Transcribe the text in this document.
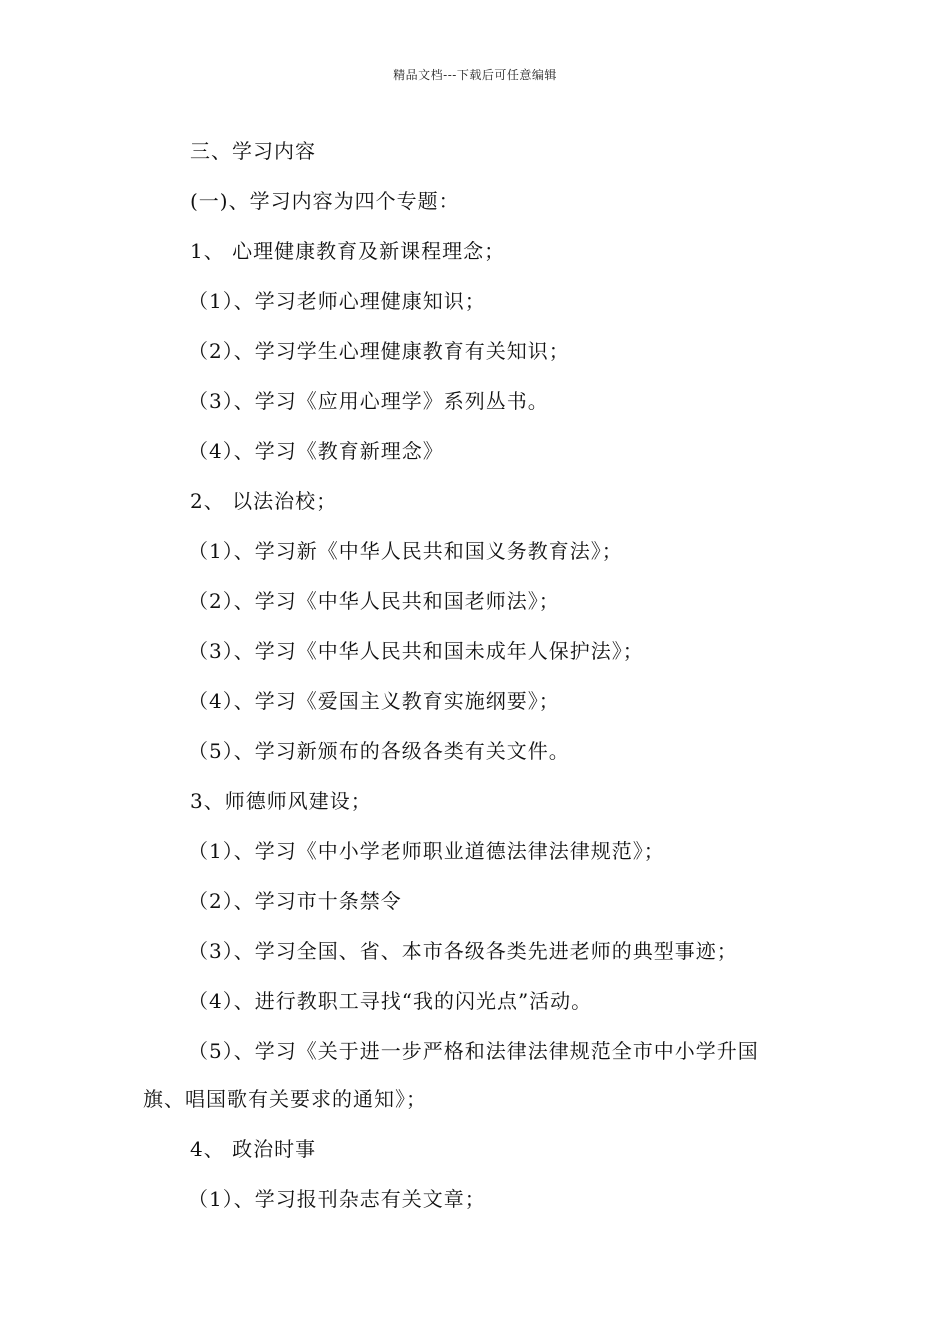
精品文档---下载后可任意编辑
三、学习内容
(一)、学习内容为四个专题：
1、 心理健康教育及新课程理念；
（1）、学习老师心理健康知识；
（2）、学习学生心理健康教育有关知识；
（3）、学习《应用心理学》系列丛书。
（4）、学习《教育新理念》
2、 以法治校；
（1）、学习新《中华人民共和国义务教育法》；
（2）、学习《中华人民共和国老师法》；
（3）、学习《中华人民共和国未成年人保护法》；
（4）、学习《爱国主义教育实施纲要》；
（5）、学习新颁布的各级各类有关文件。
3、师德师风建设；
（1）、学习《中小学老师职业道德法律法律规范》；
（2）、学习市十条禁令
（3）、学习全国、省、本市各级各类先进老师的典型事迹；
（4）、进行教职工寻找“我的闪光点”活动。
（5）、学习《关于进一步严格和法律法律规范全市中小学升国
旗、唱国歌有关要求的通知》；
4、 政治时事
（1）、学习报刊杂志有关文章；
